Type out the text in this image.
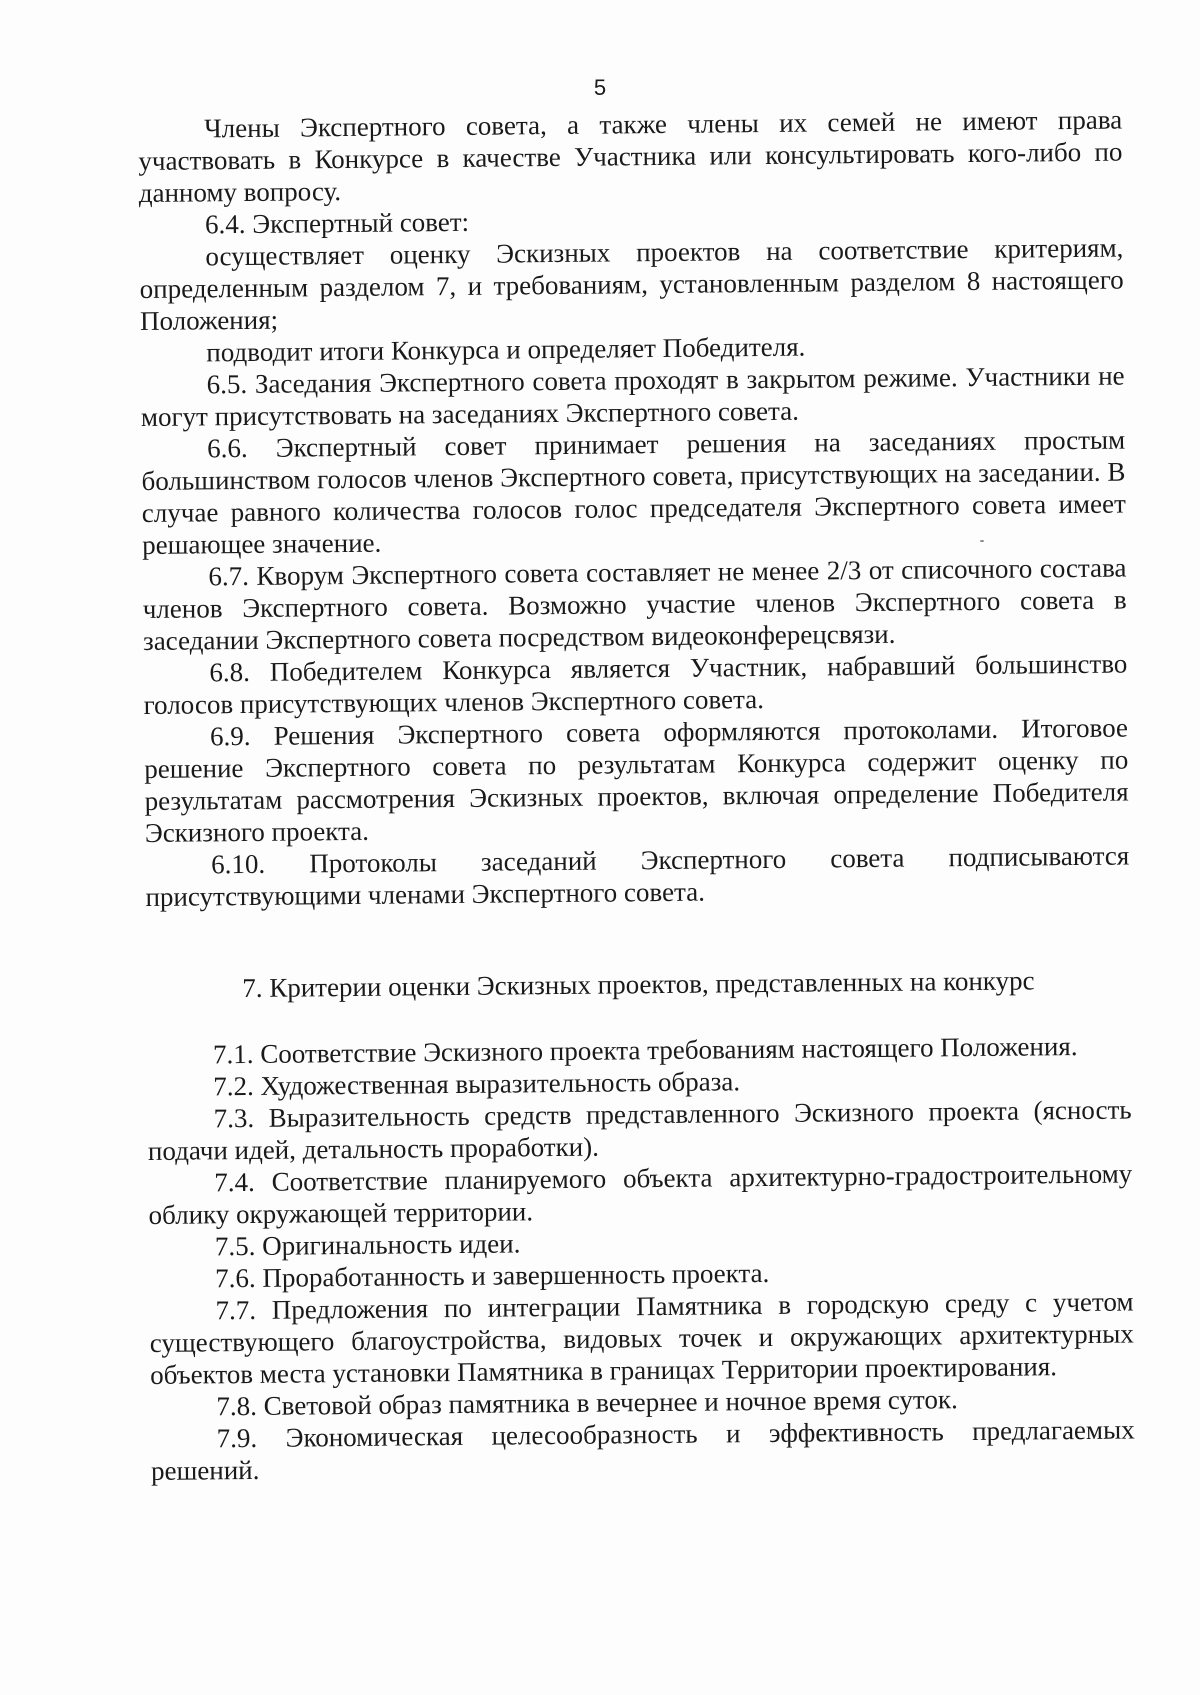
5

Члены Экспертного совета, а также члены их семей не имеют права участвовать в Конкурсе в качестве Участника или консультировать кого-либо по данному вопросу.

6.4. Экспертный совет:

осуществляет оценку Эскизных проектов на соответствие критериям, определенным разделом 7, и требованиям, установленным разделом 8 настоящего Положения;

подводит итоги Конкурса и определяет Победителя.

6.5. Заседания Экспертного совета проходят в закрытом режиме. Участники не могут присутствовать на заседаниях Экспертного совета.

6.6. Экспертный совет принимает решения на заседаниях простым большинством голосов членов Экспертного совета, присутствующих на заседании. В случае равного количества голосов голос председателя Экспертного совета имеет решающее значение.

6.7. Кворум Экспертного совета составляет не менее 2/3 от списочного состава членов Экспертного совета. Возможно участие членов Экспертного совета в заседании Экспертного совета посредством видеоконферецсвязи.

6.8. Победителем Конкурса является Участник, набравший большинство голосов присутствующих членов Экспертного совета.

6.9. Решения Экспертного совета оформляются протоколами. Итоговое решение Экспертного совета по результатам Конкурса содержит оценку по результатам рассмотрения Эскизных проектов, включая определение Победителя Эскизного проекта.

6.10. Протоколы заседаний Экспертного совета подписываются присутствующими членами Экспертного совета.

7. Критерии оценки Эскизных проектов, представленных на конкурс

7.1. Соответствие Эскизного проекта требованиям настоящего Положения.

7.2. Художественная выразительность образа.

7.3. Выразительность средств представленного Эскизного проекта (ясность подачи идей, детальность проработки).

7.4. Соответствие планируемого объекта архитектурно-градостроительному облику окружающей территории.

7.5. Оригинальность идеи.

7.6. Проработанность и завершенность проекта.

7.7. Предложения по интеграции Памятника в городскую среду с учетом существующего благоустройства, видовых точек и окружающих архитектурных объектов места установки Памятника в границах Территории проектирования.

7.8. Световой образ памятника в вечернее и ночное время суток.

7.9. Экономическая целесообразность и эффективность предлагаемых решений.
